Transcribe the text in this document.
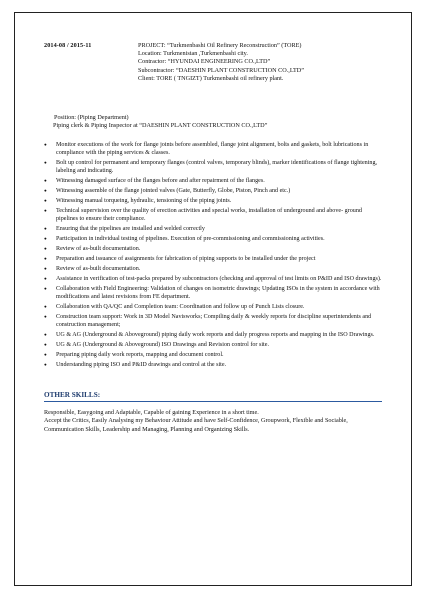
2014-08 / 2015-11	PROJECT: “Turkmenbashi Oil Refinery Reconstruction” (TORE)
Location: Turkmenistan ,Turkmenbashi city.
Contractor: “HYUNDAI ENGINEERING CO.,LTD”
Subcontractor: “DAESHIN PLANT CONSTRUCTION CO.,LTD”
Client: TORE ( TNGIZT) Turkmenbashi oil refinery plant.
Position: (Piping Department)
Piping clerk & Piping Inspector at “DAESHIN PLANT CONSTRUCTION CO.,LTD”
● Monitor executions of the work for flange joints before assembled, flange joint alignment, bolts and gaskets, bolt lubrications in compliance with the piping services & classes.
● Bolt up control for permanent and temporary flanges (control valves, temporary blinds), marker identifications of flange tightening, labeling and indicating.
● Witnessing damaged surface of the flanges before and after repairment of the flanges.
● Witnessing assemble of the flange jointed valves (Gate, Butterfly, Globe, Piston, Pinch and etc.)
● Witnessing manual torqueing, hydraulic, tensioning of the piping joints.
● Technical supervision over the quality of erection activities and special works, installation of underground and above- ground pipelines to ensure their compliance.
● Ensuring that the pipelines are installed and welded correctly
● Participation in individual testing of pipelines. Execution of pre-commissioning and commissioning activities.
● Review of as-built documentation.
● Preparation and issuance of assignments for fabrication of piping supports to be installed under the project
● Review of as-built documentation.
● Assistance in verification of test-packs prepared by subcontractors (checking and approval of test limits on P&ID and ISO drawings).
● Collaboration with Field Engineering: Validation of changes on isometric drawings; Updating ISOs in the system in accordance with modifications and latest revisions from FE department.
● Collaboration with QA/QC and Completion team: Coordination and follow up of Punch Lists closure.
● Construction team support: Work in 3D Model Navisworks; Compiling daily & weekly reports for discipline superintendents and construction management;
● UG & AG (Underground & Aboveground) piping daily work reports and daily progress reports and mapping in the ISO Drawings.
● UG & AG (Underground & Aboveground) ISO Drawings and Revision control for site.
● Preparing piping daily work reports, mapping and document control.
● Understanding piping ISO and P&ID drawings and control at the site.
OTHER SKILLS:
Responsible, Easygoing and Adaptable, Capable of gaining Experience in a short time.
Accept the Critics, Easily Analysing my Behaviour Attitude and have Self-Confidence, Groupwork, Flexible and Sociable, Communication Skills, Leadership and Managing, Planning and Organizing Skills.
